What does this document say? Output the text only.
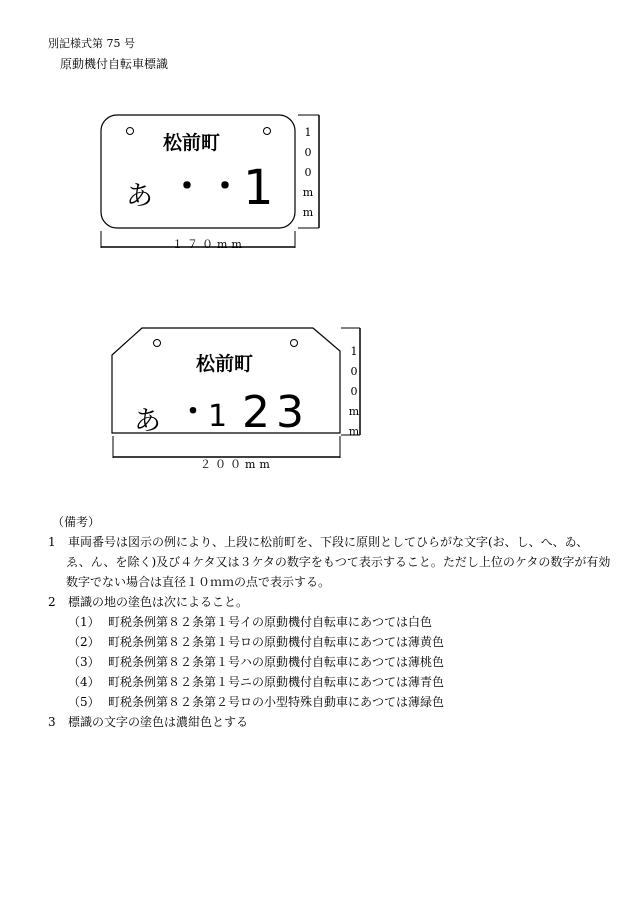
別記様式第 75 号
原動機付自転車標識
松前町
あ ・・
1
1
0
0
m
m
１７０mm
松前町
あ ・ 1 23
1
0
0
m
m
２００mm
（備考）
1 車両番号は図示の例により、上段に松前町を、下段に原則としてひらがな文字(お、し、へ、ゐ、
ゑ、ん、を除く)及び４ケタ又は３ケタの数字をもつて表示すること。ただし上位のケタの数字が有効
数字でない場合は直径１０ｍｍの点で表示する。
2 標識の地の塗色は次によること。
（1） 町税条例第８２条第１号イの原動機付自転車にあつては白色
（2） 町税条例第８２条第１号ロの原動機付自転車にあつては薄黄色
（3） 町税条例第８２条第１号ハの原動機付自転車にあつては薄桃色
（4） 町税条例第８２条第１号ニの原動機付自転車にあつては薄青色
（5） 町税条例第８２条第２号ロの小型特殊自動車にあつては薄緑色
3 標識の文字の塗色は濃紺色とする
